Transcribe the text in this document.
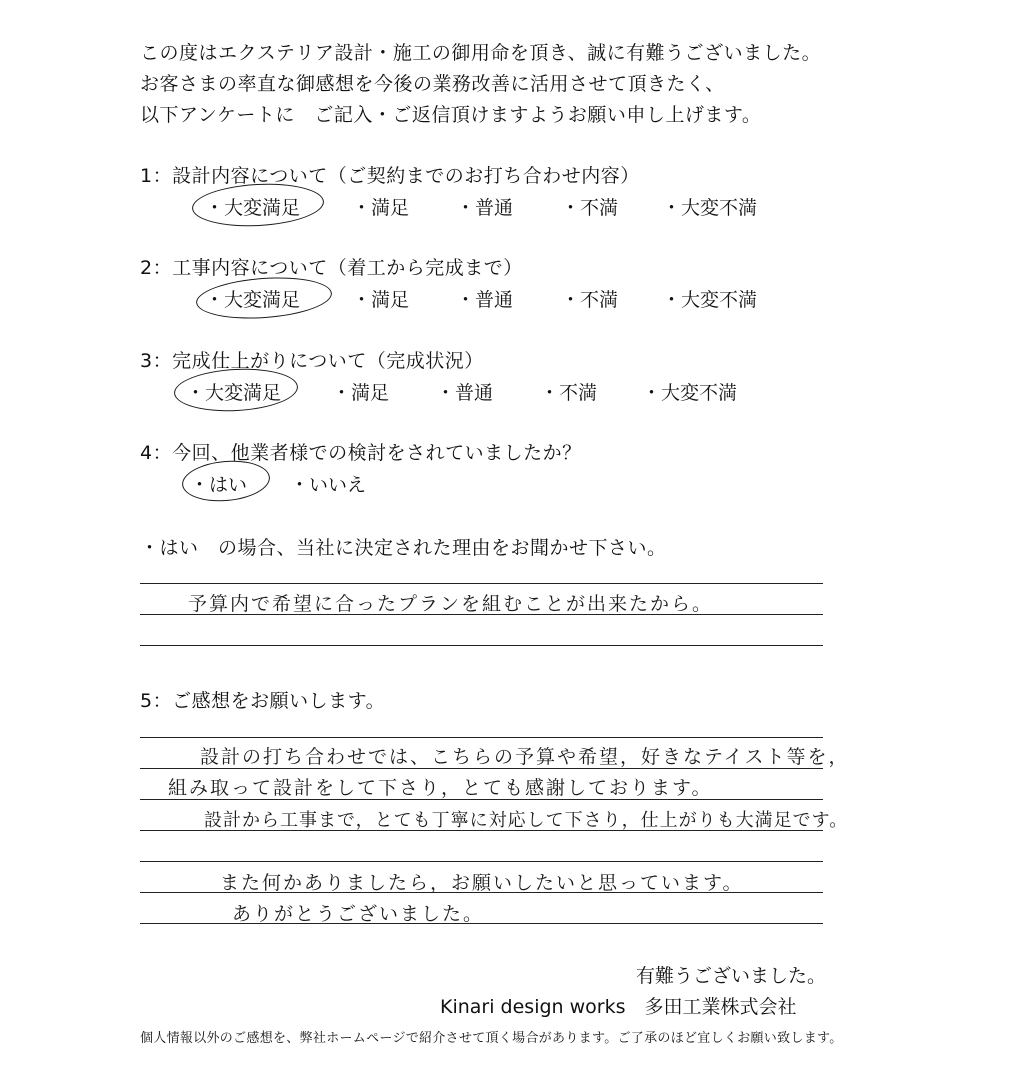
この度はエクステリア設計・施工の御用命を頂き、誠に有難うございました。
お客さまの率直な御感想を今後の業務改善に活用させて頂きたく、
以下アンケートに　ご記入・ご返信頂けますようお願い申し上げます。
1：設計内容について（ご契約までのお打ち合わせ内容）
・大変満足	・満足 ・普通	・不満 ・大変不満
2：工事内容について（着工から完成まで）
・大変満足	・満足 ・普通	・不満 ・大変不満
3：完成仕上がりについて（完成状況）
・大変満足	・満足 ・普通 ・不満 ・大変不満
4：今回、他業者様での検討をされていましたか？
・はい ・いいえ
・はい　の場合、当社に決定された理由をお聞かせ下さい。
予算内で希望に合ったプランを組むことが出来たから。
5：ご感想をお願いします。
設計の打ち合わせでは、こちらの予算や希望，好きなテイスト等を，
組み取って設計をして下さり，とても感謝しております。
設計から工事まで，とても丁寧に対応して下さり，仕上がりも大満足です。
また何かありましたら，お願いしたいと思っています。
ありがとうございました。
有難うございました。
Kinari design works　多田工業株式会社
個人情報以外のご感想を、弊社ホームページで紹介させて頂く場合があります。ご了承のほど宜しくお願い致します。
